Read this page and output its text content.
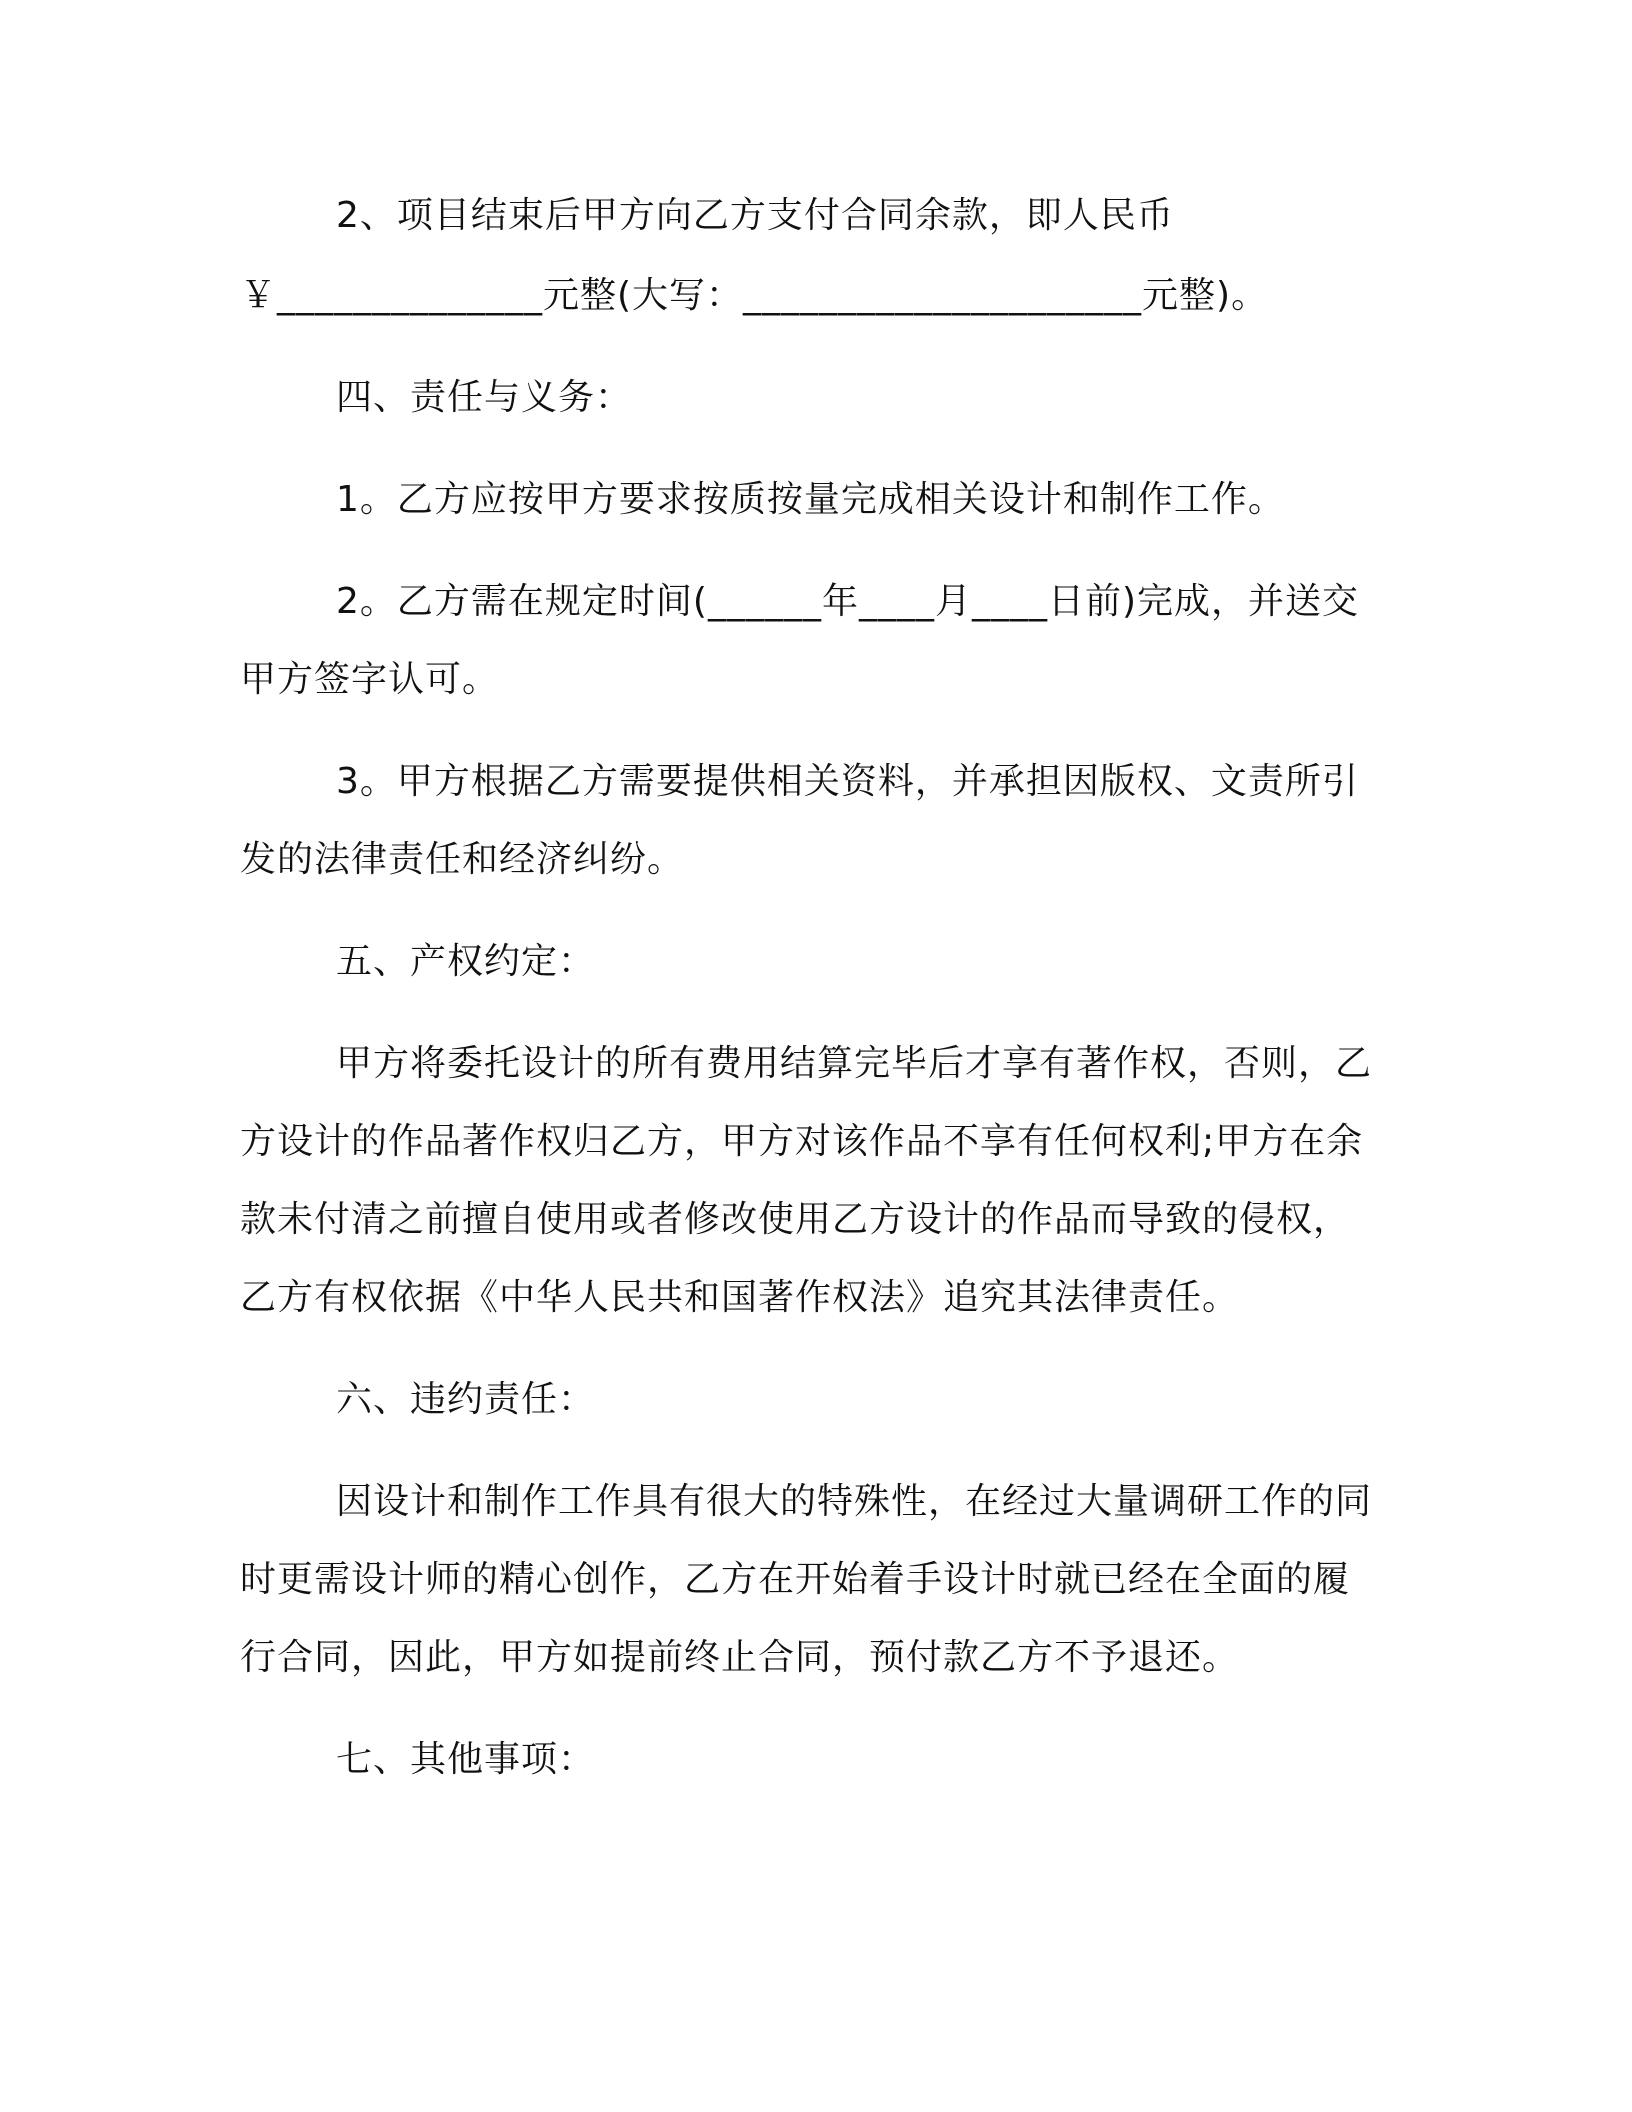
2、项目结束后甲方向乙方支付合同余款，即人民币
￥______________元整(大写：_____________________元整)。
四、责任与义务：
1。乙方应按甲方要求按质按量完成相关设计和制作工作。
2。乙方需在规定时间(______年____月____日前)完成，并送交
甲方签字认可。
3。甲方根据乙方需要提供相关资料，并承担因版权、文责所引
发的法律责任和经济纠纷。
五、产权约定：
甲方将委托设计的所有费用结算完毕后才享有著作权，否则，乙
方设计的作品著作权归乙方，甲方对该作品不享有任何权利;甲方在余
款未付清之前擅自使用或者修改使用乙方设计的作品而导致的侵权，
乙方有权依据《中华人民共和国著作权法》追究其法律责任。
六、违约责任：
因设计和制作工作具有很大的特殊性，在经过大量调研工作的同
时更需设计师的精心创作，乙方在开始着手设计时就已经在全面的履
行合同，因此，甲方如提前终止合同，预付款乙方不予退还。
七、其他事项：
